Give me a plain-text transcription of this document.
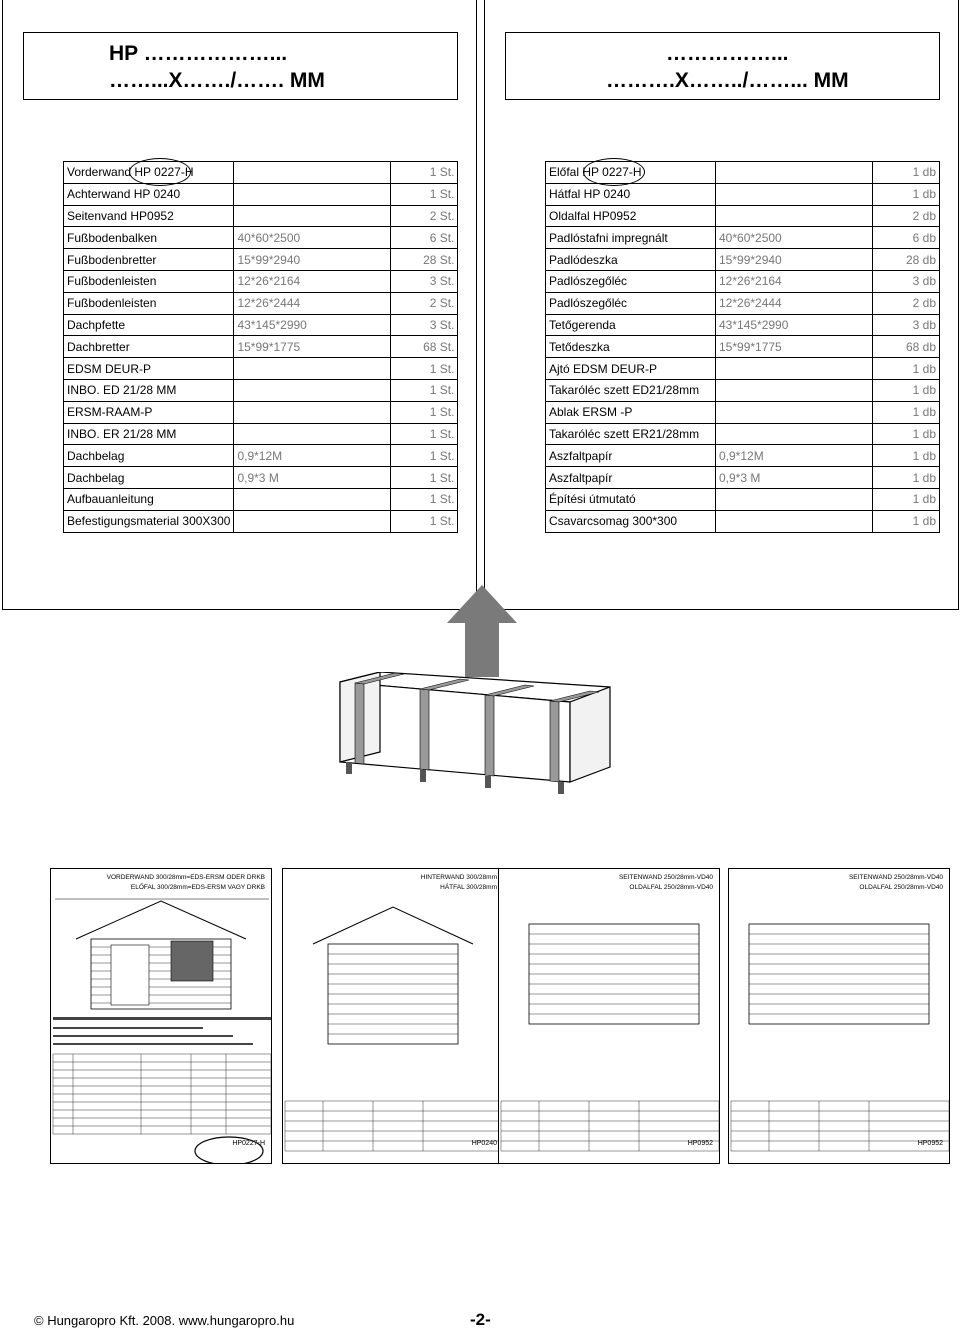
HP ………………...
……...X……./……. MM
Vorderwand HP 0227-H		1 St.
Achterwand HP 0240		1 St.
Seitenvand HP0952		2 St.
Fußbodenbalken	40*60*2500	6 St.
Fußbodenbretter	15*99*2940	28 St.
Fußbodenleisten	12*26*2164	3 St.
Fußbodenleisten	12*26*2444	2 St.
Dachpfette	43*145*2990	3 St.
Dachbretter	15*99*1775	68 St.
EDSM DEUR-P		1 St.
INBO. ED 21/28 MM		1 St.
ERSM-RAAM-P		1 St.
INBO. ER 21/28 MM		1 St.
Dachbelag	0,9*12M	1 St.
Dachbelag	0,9*3 M	1 St.
Aufbauanleitung		1 St.
Befestigungsmaterial 300X300		1 St.
……………...
……….X……../……... MM
Előfal HP 0227-H		1 db
Hátfal HP 0240		1 db
Oldalfal HP0952		2 db
Padlóstafni impregnált	40*60*2500	6 db
Padlódeszka	15*99*2940	28 db
Padlószegőléc	12*26*2164	3 db
Padlószegőléc	12*26*2444	2 db
Tetőgerenda	43*145*2990	3 db
Tetődeszka	15*99*1775	68 db
Ajtó EDSM DEUR-P		1 db
Takaróléc szett ED21/28mm		1 db
Ablak ERSM -P		1 db
Takaróléc szett ER21/28mm		1 db
Aszfaltpapír	0,9*12M	1 db
Aszfaltpapír	0,9*3 M	1 db
Építési útmutató		1 db
Csavarcsomag 300*300		1 db
VORDERWAND 300/28mm=EDS-ERSM ODER DRKB
ELŐFAL 300/28mm=EDS-ERSM VAGY DRKB
HP0227-H
HINTERWAND 300/28mm
HÁTFAL 300/28mm
HP0240
SEITENWAND 250/28mm-VD40
OLDALFAL 250/28mm-VD40
HP0952
SEITENWAND 250/28mm-VD40
OLDALFAL 250/28mm-VD40
HP0952
© Hungaropro Kft. 2008. www.hungaropro.hu	-2-
